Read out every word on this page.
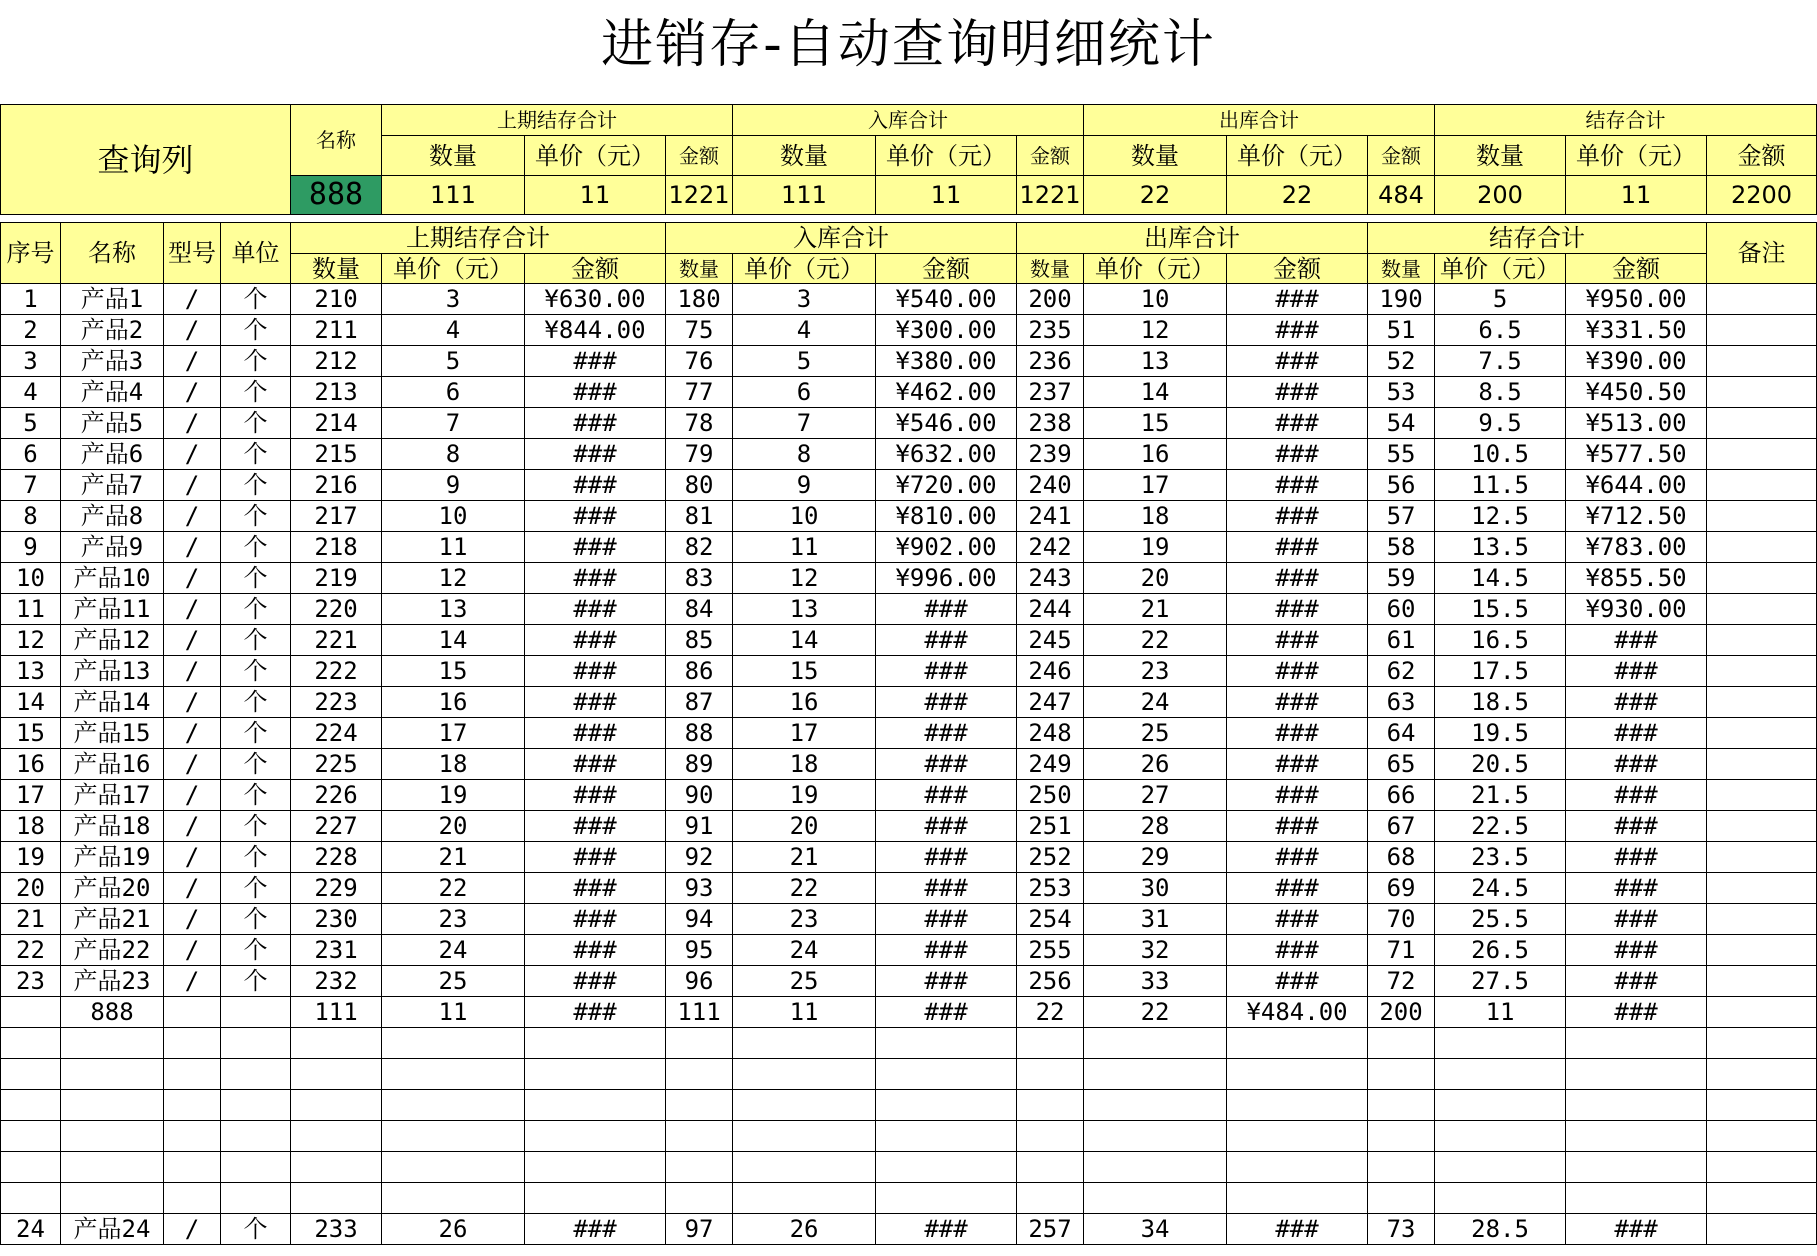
进销存-自动查询明细统计
查询列	名称	上期结存合计			入库合计			出库合计			结存合计		
		数量	单价（元）	金额	数量	单价（元）	金额	数量	单价（元）	金额	数量	单价（元）	金额
	888	111	11	1221	111	11	1221	22	22	484	200	11	2200
序号	名称	型号	单位	上期结存合计			入库合计			出库合计			结存合计			备注
				数量	单价（元）	金额	数量	单价（元）	金额	数量	单价（元）	金额	数量	单价（元）	金额	
1	产品1	/	个	210	3	¥630.00	180	3	¥540.00	200	10	###	190	5	¥950.00	
2	产品2	/	个	211	4	¥844.00	75	4	¥300.00	235	12	###	51	6.5	¥331.50	
3	产品3	/	个	212	5	###	76	5	¥380.00	236	13	###	52	7.5	¥390.00	
4	产品4	/	个	213	6	###	77	6	¥462.00	237	14	###	53	8.5	¥450.50	
5	产品5	/	个	214	7	###	78	7	¥546.00	238	15	###	54	9.5	¥513.00	
6	产品6	/	个	215	8	###	79	8	¥632.00	239	16	###	55	10.5	¥577.50	
7	产品7	/	个	216	9	###	80	9	¥720.00	240	17	###	56	11.5	¥644.00	
8	产品8	/	个	217	10	###	81	10	¥810.00	241	18	###	57	12.5	¥712.50	
9	产品9	/	个	218	11	###	82	11	¥902.00	242	19	###	58	13.5	¥783.00	
10	产品10	/	个	219	12	###	83	12	¥996.00	243	20	###	59	14.5	¥855.50	
11	产品11	/	个	220	13	###	84	13	###	244	21	###	60	15.5	¥930.00	
12	产品12	/	个	221	14	###	85	14	###	245	22	###	61	16.5	###	
13	产品13	/	个	222	15	###	86	15	###	246	23	###	62	17.5	###	
14	产品14	/	个	223	16	###	87	16	###	247	24	###	63	18.5	###	
15	产品15	/	个	224	17	###	88	17	###	248	25	###	64	19.5	###	
16	产品16	/	个	225	18	###	89	18	###	249	26	###	65	20.5	###	
17	产品17	/	个	226	19	###	90	19	###	250	27	###	66	21.5	###	
18	产品18	/	个	227	20	###	91	20	###	251	28	###	67	22.5	###	
19	产品19	/	个	228	21	###	92	21	###	252	29	###	68	23.5	###	
20	产品20	/	个	229	22	###	93	22	###	253	30	###	69	24.5	###	
21	产品21	/	个	230	23	###	94	23	###	254	31	###	70	25.5	###	
22	产品22	/	个	231	24	###	95	24	###	255	32	###	71	26.5	###	
23	产品23	/	个	232	25	###	96	25	###	256	33	###	72	27.5	###	
	888			111	11	###	111	11	###	22	22	¥484.00	200	11	###	

24	产品24	/	个	233	26	###	97	26	###	257	34	###	73	28.5	###	
